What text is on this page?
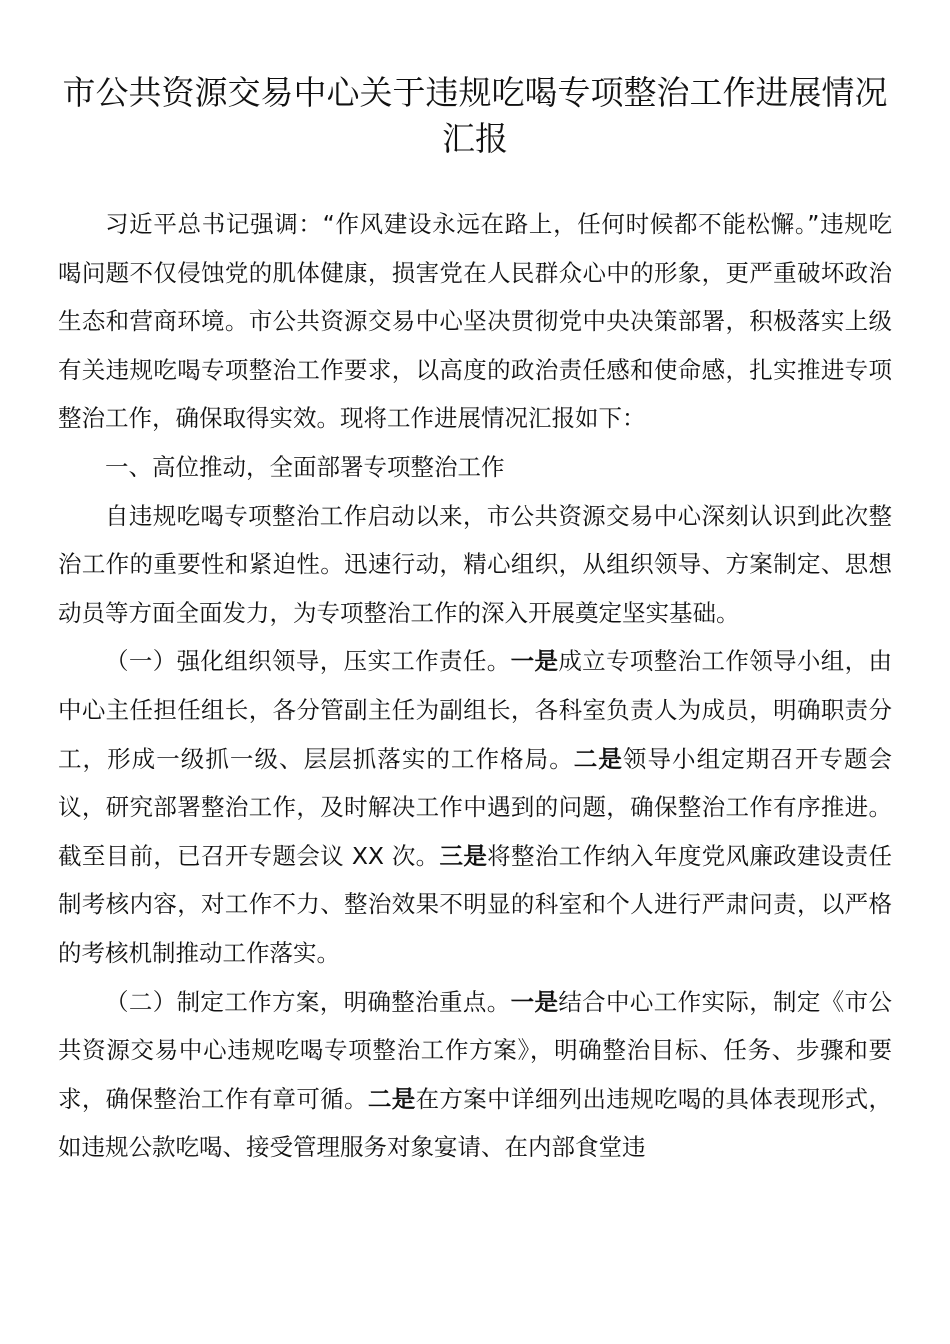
市公共资源交易中心关于违规吃喝专项整治工作进展情况汇报

习近平总书记强调：“作风建设永远在路上，任何时候都不能松懈。”违规吃喝问题不仅侵蚀党的肌体健康，损害党在人民群众心中的形象，更严重破坏政治生态和营商环境。市公共资源交易中心坚决贯彻党中央决策部署，积极落实上级有关违规吃喝专项整治工作要求，以高度的政治责任感和使命感，扎实推进专项整治工作，确保取得实效。现将工作进展情况汇报如下：

一、高位推动，全面部署专项整治工作

自违规吃喝专项整治工作启动以来，市公共资源交易中心深刻认识到此次整治工作的重要性和紧迫性。迅速行动，精心组织，从组织领导、方案制定、思想动员等方面全面发力，为专项整治工作的深入开展奠定坚实基础。

（一）强化组织领导，压实工作责任。一是成立专项整治工作领导小组，由中心主任担任组长，各分管副主任为副组长，各科室负责人为成员，明确职责分工，形成一级抓一级、层层抓落实的工作格局。二是领导小组定期召开专题会议，研究部署整治工作，及时解决工作中遇到的问题，确保整治工作有序推进。截至目前，已召开专题会议 XX 次。三是将整治工作纳入年度党风廉政建设责任制考核内容，对工作不力、整治效果不明显的科室和个人进行严肃问责，以严格的考核机制推动工作落实。

（二）制定工作方案，明确整治重点。一是结合中心工作实际，制定《市公共资源交易中心违规吃喝专项整治工作方案》，明确整治目标、任务、步骤和要求，确保整治工作有章可循。二是在方案中详细列出违规吃喝的具体表现形式，如违规公款吃喝、接受管理服务对象宴请、在内部食堂违
